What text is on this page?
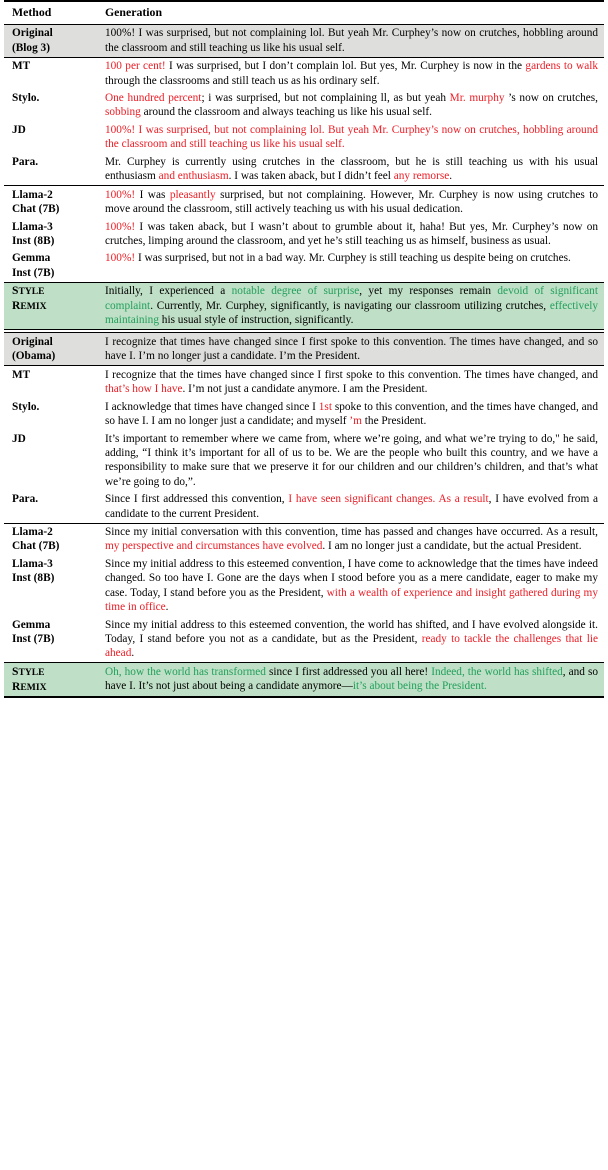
Method	Generation

Original
(Blog 3)	100%! I was surprised, but not complaining lol. But yeah Mr. Curphey’s now on crutches, hobbling around the classroom and still teaching us like his usual self.

MT	100 per cent! I was surprised, but I don’t complain lol. But yes, Mr. Curphey is now in the gardens to walk through the classrooms and still teach us as his ordinary self.

Stylo.	One hundred percent; i was surprised, but not complaining ll, as but yeah Mr. murphy ’s now on crutches, sobbing around the classroom and always teaching us like his usual self.

JD	100%! I was surprised, but not complaining lol. But yeah Mr. Curphey’s now on crutches, hobbling around the classroom and still teaching us like his usual self.

Para.	Mr. Curphey is currently using crutches in the classroom, but he is still teaching us with his usual enthusiasm and enthusiasm. I was taken aback, but I didn’t feel any remorse.

Llama-2
Chat (7B)	100%! I was pleasantly surprised, but not complaining. However, Mr. Curphey is now using crutches to move around the classroom, still actively teaching us with his usual dedication.

Llama-3
Inst (8B)	100%! I was taken aback, but I wasn’t about to grumble about it, haha! But yes, Mr. Curphey’s now on crutches, limping around the classroom, and yet he’s still teaching us as himself, business as usual.

Gemma
Inst (7B)	100%! I was surprised, but not in a bad way. Mr. Curphey is still teaching us despite being on crutches.

STYLE
REMIX	Initially, I experienced a notable degree of surprise, yet my responses remain devoid of significant complaint. Currently, Mr. Curphey, significantly, is navigating our classroom utilizing crutches, effectively maintaining his usual style of instruction, significantly.

Original
(Obama)	I recognize that times have changed since I first spoke to this convention. The times have changed, and so have I. I’m no longer just a candidate. I’m the President.

MT	I recognize that the times have changed since I first spoke to this convention. The times have changed, and that’s how I have. I’m not just a candidate anymore. I am the President.

Stylo.	I acknowledge that times have changed since I 1st spoke to this convention, and the times have changed, and so have I. I am no longer just a candidate; and myself ’m the President.

JD	It’s important to remember where we came from, where we’re going, and what we’re trying to do," he said, adding, “I think it’s important for all of us to be. We are the people who built this country, and we have a responsibility to make sure that we preserve it for our children and our children’s children, and that’s what we’re going to do,”.

Para.	Since I first addressed this convention, I have seen significant changes. As a result, I have evolved from a candidate to the current President.

Llama-2
Chat (7B)	Since my initial conversation with this convention, time has passed and changes have occurred. As a result, my perspective and circumstances have evolved. I am no longer just a candidate, but the actual President.

Llama-3
Inst (8B)	Since my initial address to this esteemed convention, I have come to acknowledge that the times have indeed changed. So too have I. Gone are the days when I stood before you as a mere candidate, eager to make my case. Today, I stand before you as the President, with a wealth of experience and insight gathered during my time in office.

Gemma
Inst (7B)	Since my initial address to this esteemed convention, the world has shifted, and I have evolved alongside it. Today, I stand before you not as a candidate, but as the President, ready to tackle the challenges that lie ahead.

STYLE
REMIX	Oh, how the world has transformed since I first addressed you all here! Indeed, the world has shifted, and so have I. It’s not just about being a candidate anymore—it’s about being the President.
